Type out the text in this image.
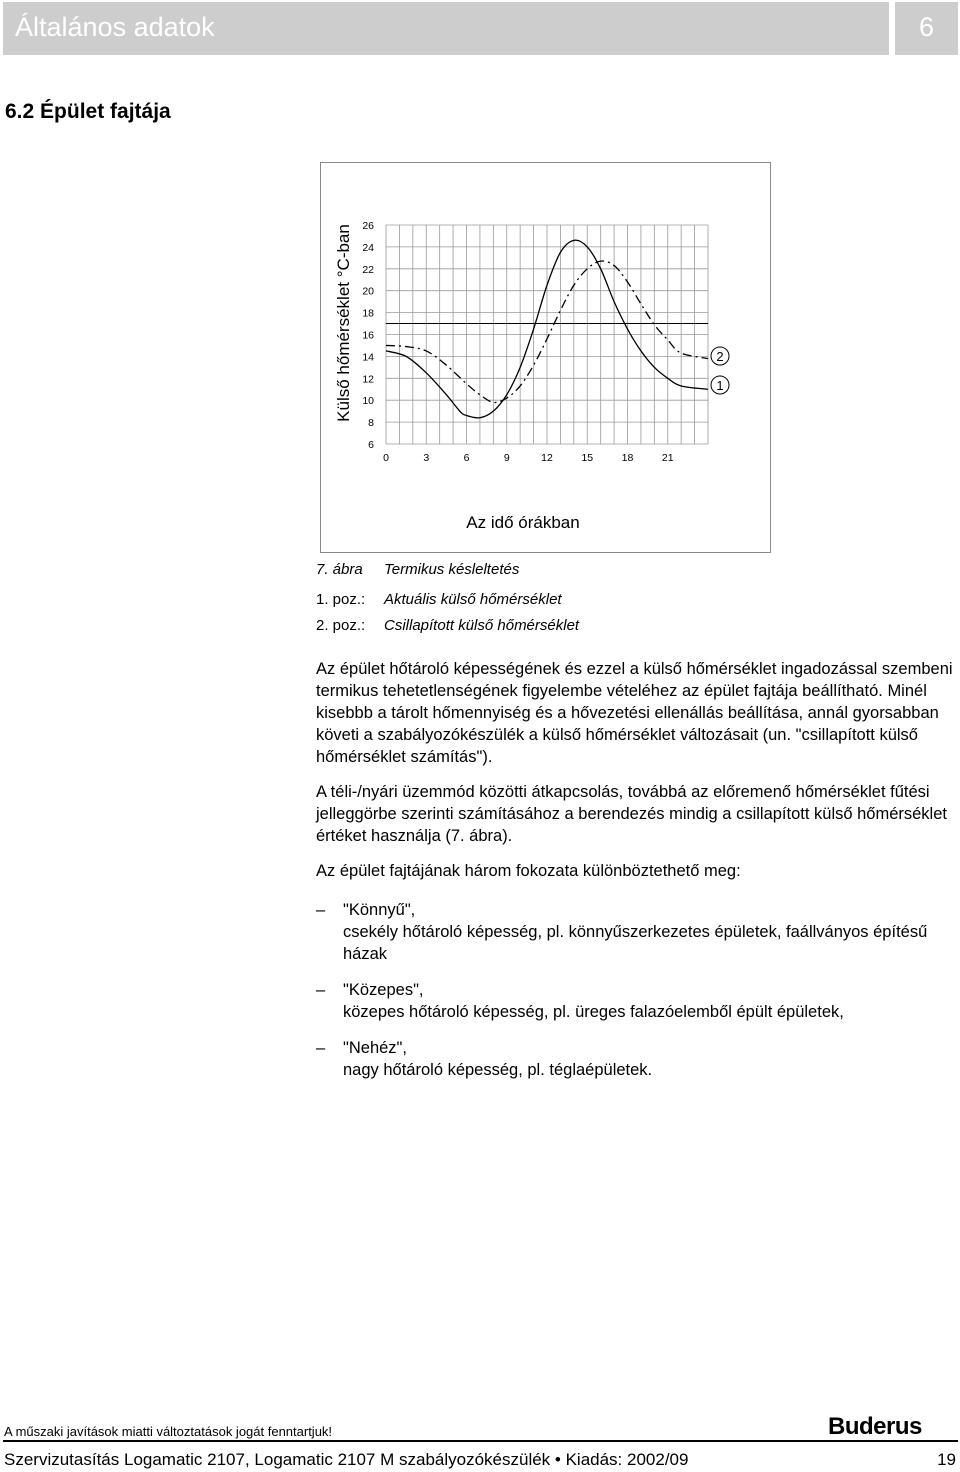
Általános adatok	6
6.2 Épület fajtája
0	3	6	9	12	15	18	21
6
8
10
12
14
16
18
20
22
24
26
Külső hőmérséklet °C-ban
Az idő órákban
2
1
7. ábra Termikus késleltetés
1. poz.: Aktuális külső hőmérséklet
2. poz.: Csillapított külső hőmérséklet

Az épület hőtároló képességének és ezzel a külső hőmérséklet ingadozással szembeni termikus tehetetlenségének figyelembe vételéhez az épület fajtája beállítható. Minél kisebbb a tárolt hőmennyiség és a hővezetési ellenállás beállítása, annál gyorsabban követi a szabályozókészülék a külső hőmérséklet változásait (un. "csillapított külső hőmérséklet számítás").

A téli-/nyári üzemmód közötti átkapcsolás, továbbá az előremenő hőmérséklet fűtési jelleggörbe szerinti számításához a berendezés mindig a csillapított külső hőmérséklet értéket használja (7. ábra).

Az épület fajtájának három fokozata különböztethető meg:

– "Könnyű",
csekély hőtároló képesség, pl. könnyűszerkezetes épületek, faállványos építésű házak
– "Közepes",
közepes hőtároló képesség, pl. üreges falazóelemből épült épületek,
– "Nehéz",
nagy hőtároló képesség, pl. téglaépületek.
A műszaki javítások miatti változtatások jogát fenntartjuk!	Buderus
Szervizutasítás Logamatic 2107, Logamatic 2107 M szabályozókészülék • Kiadás: 2002/09	19
